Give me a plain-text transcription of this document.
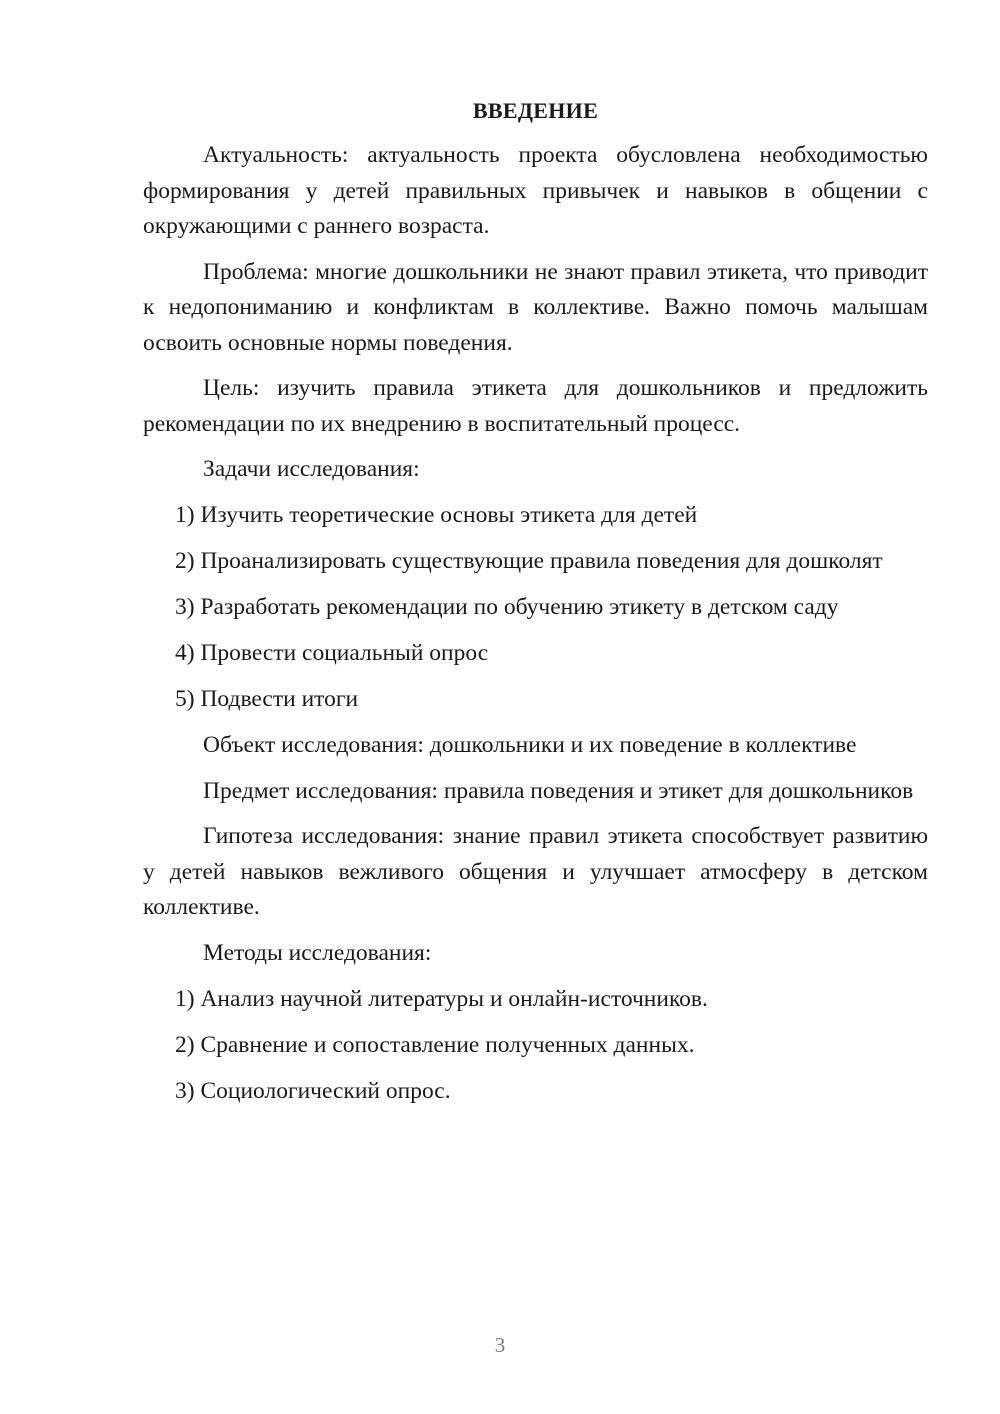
ВВЕДЕНИЕ

Актуальность: актуальность проекта обусловлена необходимостью формирования у детей правильных привычек и навыков в общении с окружающими с раннего возраста.

Проблема: многие дошкольники не знают правил этикета, что приводит к недопониманию и конфликтам в коллективе. Важно помочь малышам освоить основные нормы поведения.

Цель: изучить правила этикета для дошкольников и предложить рекомендации по их внедрению в воспитательный процесс.

Задачи исследования:

1) Изучить теоретические основы этикета для детей

2) Проанализировать существующие правила поведения для дошколят

3) Разработать рекомендации по обучению этикету в детском саду

4) Провести социальный опрос

5) Подвести итоги

Объект исследования: дошкольники и их поведение в коллективе

Предмет исследования: правила поведения и этикет для дошкольников

Гипотеза исследования: знание правил этикета способствует развитию у детей навыков вежливого общения и улучшает атмосферу в детском коллективе.

Методы исследования:

1) Анализ научной литературы и онлайн-источников.

2) Сравнение и сопоставление полученных данных.

3) Социологический опрос.

3
